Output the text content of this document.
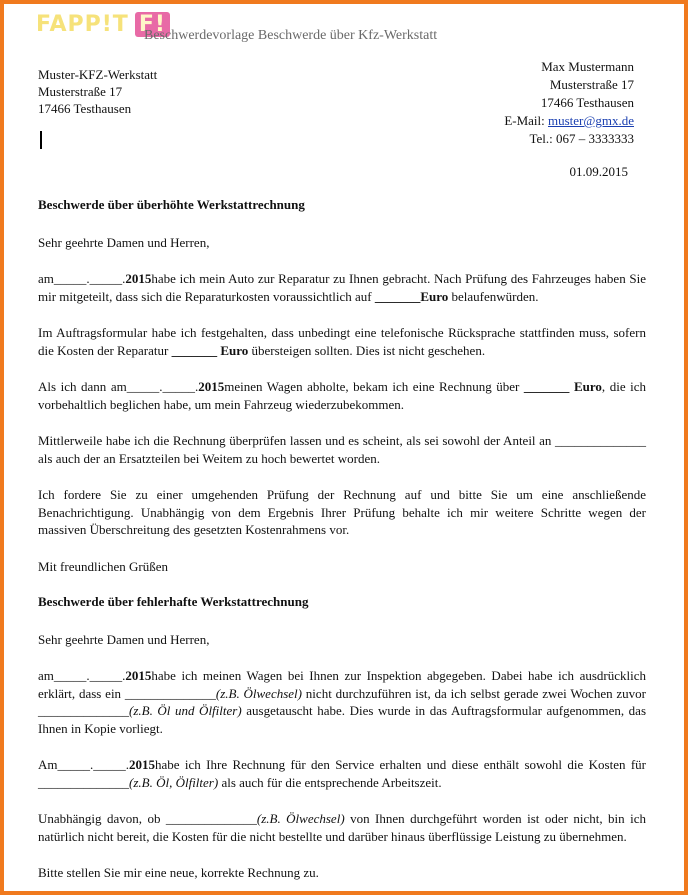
FAPP!T F!
Beschwerdevorlage Beschwerde über Kfz-Werkstatt
Muster-KFZ-Werkstatt
Musterstraße 17
17466 Testhausen
Max Mustermann
Musterstraße 17
17466 Testhausen
E-Mail: muster@gmx.de
Tel.: 067 – 3333333
01.09.2015

Beschwerde über überhöhte Werkstattrechnung

Sehr geehrte Damen und Herren,

am_____._____.2015habe ich mein Auto zur Reparatur zu Ihnen gebracht. Nach Prüfung des Fahrzeuges haben Sie mir mitgeteilt, dass sich die Reparaturkosten voraussichtlich auf _______Euro belaufenwürden.

Im Auftragsformular habe ich festgehalten, dass unbedingt eine telefonische Rücksprache stattfinden muss, sofern die Kosten der Reparatur _______ Euro übersteigen sollten. Dies ist nicht geschehen.

Als ich dann am_____._____.2015meinen Wagen abholte, bekam ich eine Rechnung über _______ Euro, die ich vorbehaltlich beglichen habe, um mein Fahrzeug wiederzubekommen.

Mittlerweile habe ich die Rechnung überprüfen lassen und es scheint, als sei sowohl der Anteil an ______________ als auch der an Ersatzteilen bei Weitem zu hoch bewertet worden.

Ich fordere Sie zu einer umgehenden Prüfung der Rechnung auf und bitte Sie um eine anschließende Benachrichtigung. Unabhängig von dem Ergebnis Ihrer Prüfung behalte ich mir weitere Schritte wegen der massiven Überschreitung des gesetzten Kostenrahmens vor.

Mit freundlichen Grüßen

Beschwerde über fehlerhafte Werkstattrechnung

Sehr geehrte Damen und Herren,

am_____._____.2015habe ich meinen Wagen bei Ihnen zur Inspektion abgegeben. Dabei habe ich ausdrücklich erklärt, dass ein ______________(z.B. Ölwechsel) nicht durchzuführen ist, da ich selbst gerade zwei Wochen zuvor ______________(z.B. Öl und Ölfilter) ausgetauscht habe. Dies wurde in das Auftragsformular aufgenommen, das Ihnen in Kopie vorliegt.

Am_____._____.2015habe ich Ihre Rechnung für den Service erhalten und diese enthält sowohl die Kosten für ______________(z.B. Öl, Ölfilter) als auch für die entsprechende Arbeitszeit.

Unabhängig davon, ob ______________(z.B. Ölwechsel) von Ihnen durchgeführt worden ist oder nicht, bin ich natürlich nicht bereit, die Kosten für die nicht bestellte und darüber hinaus überflüssige Leistung zu übernehmen.

Bitte stellen Sie mir eine neue, korrekte Rechnung zu.
